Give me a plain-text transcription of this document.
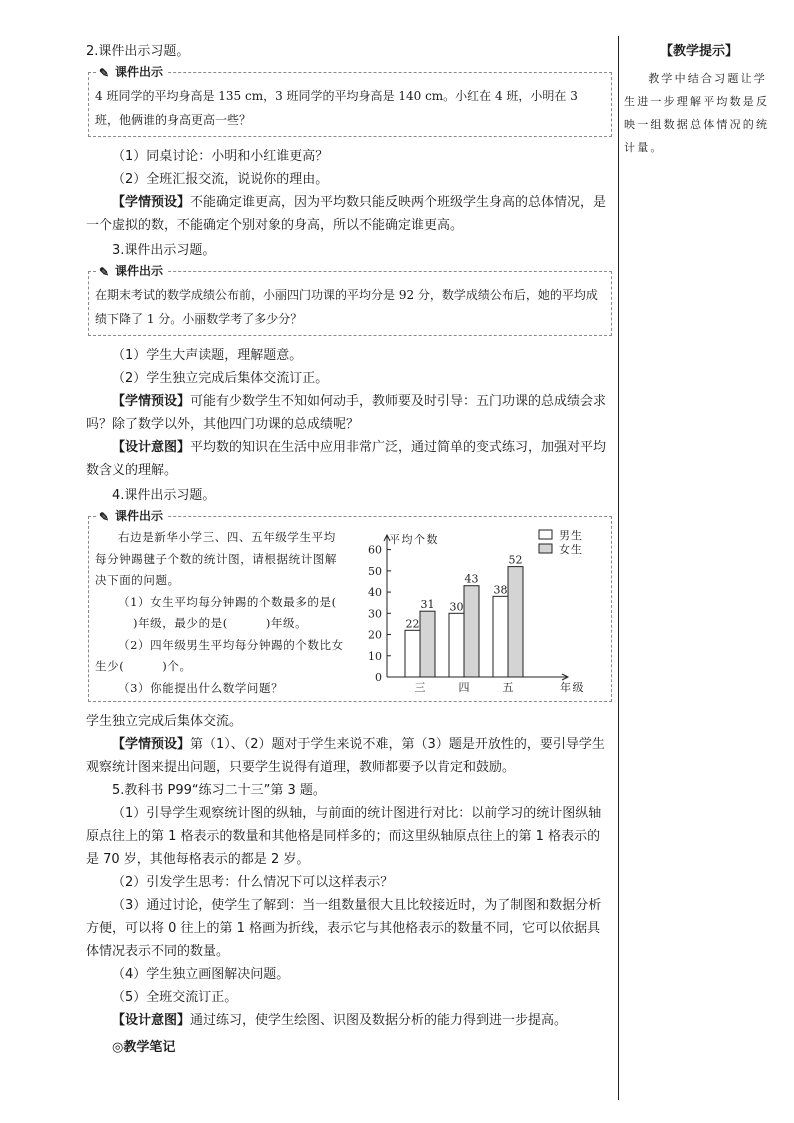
【教学提示】

教学中结合习题让学生进一步理解平均数是反映一组数据总体情况的统计量。

2.课件出示习题。

✎ 课件出示
4 班同学的平均身高是 135 cm，3 班同学的平均身高是 140 cm。小红在 4 班，小明在 3 班，他俩谁的身高更高一些？

（1）同桌讨论：小明和小红谁更高？

（2）全班汇报交流，说说你的理由。

【学情预设】不能确定谁更高，因为平均数只能反映两个班级学生身高的总体情况，是一个虚拟的数，不能确定个别对象的身高，所以不能确定谁更高。

3.课件出示习题。

✎ 课件出示
在期末考试的数学成绩公布前，小丽四门功课的平均分是 92 分，数学成绩公布后，她的平均成绩下降了 1 分。小丽数学考了多少分？

（1）学生大声读题，理解题意。

（2）学生独立完成后集体交流订正。

【学情预设】可能有少数学生不知如何动手，教师要及时引导：五门功课的总成绩会求吗？除了数学以外，其他四门功课的总成绩呢？

【设计意图】平均数的知识在生活中应用非常广泛，通过简单的变式练习，加强对平均数含义的理解。

4.课件出示习题。

✎ 课件出示
右边是新华小学三、四、五年级学生平均每分钟踢毽子个数的统计图，请根据统计图解决下面的问题。
（1）女生平均每分钟踢的个数最多的是()年级，最少的是(	)年级。
（2）四年级男生平均每分钟踢的个数比女生少(	)个。
（3）你能提出什么数学问题？
0
10
20
30
40
50
60
平均个数
年级
22
31
三
30
43
四
38
52
五
男生
女生

学生独立完成后集体交流。

【学情预设】第（1）、（2）题对于学生来说不难，第（3）题是开放性的，要引导学生观察统计图来提出问题，只要学生说得有道理，教师都要予以肯定和鼓励。

5.教科书 P99“练习二十三”第 3 题。

（1）引导学生观察统计图的纵轴，与前面的统计图进行对比：以前学习的统计图纵轴原点往上的第 1 格表示的数量和其他格是同样多的；而这里纵轴原点往上的第 1 格表示的是 70 岁，其他每格表示的都是 2 岁。

（2）引发学生思考：什么情况下可以这样表示？

（3）通过讨论，使学生了解到：当一组数量很大且比较接近时，为了制图和数据分析方便，可以将 0 往上的第 1 格画为折线，表示它与其他格表示的数量不同，它可以依据具体情况表示不同的数量。

（4）学生独立画图解决问题。

（5）全班交流订正。

【设计意图】通过练习，使学生绘图、识图及数据分析的能力得到进一步提高。

◎教学笔记
